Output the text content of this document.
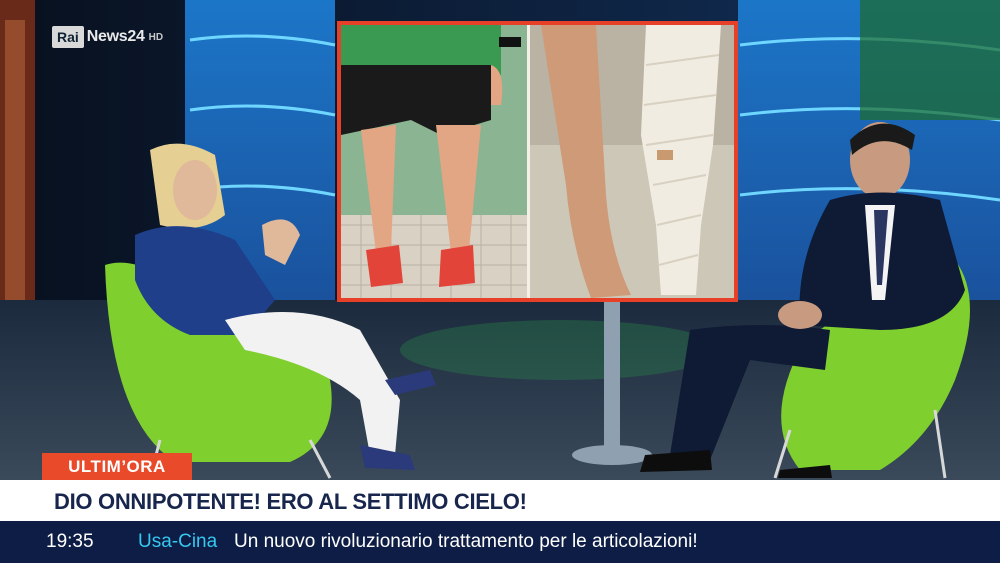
Rai News24 HD
ULTIM’ORA
DIO ONNIPOTENTE! ERO AL SETTIMO CIELO!
19:35 Usa-Cina Un nuovo rivoluzionario trattamento per le articolazioni!
